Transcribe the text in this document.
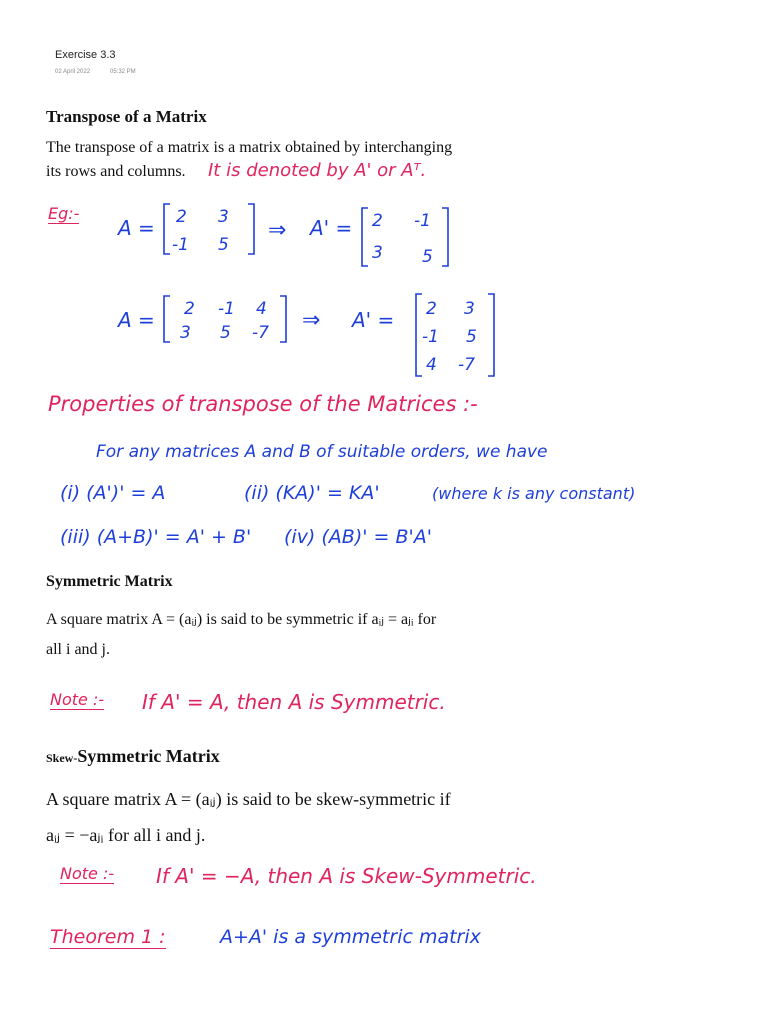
Exercise 3.3
02 April 2022	05:32 PM
Transpose of a Matrix
The transpose of a matrix is a matrix obtained by interchanging
its rows and columns. It is denoted by A' or Aᵀ.
Eg:-
A = 2 3
-1 5
⇒ A' = 2 -1
3 5
A = 2 -1 4
3 5 -7 ⇒ A' = 2 3
-1 5
4 -7
Properties of transpose of the Matrices :-
For any matrices A and B of suitable orders, we have
(i) (A')' = A	(ii) (KA)' = KA'	(where k is any constant)
(iii) (A+B)' = A' + B' (iv) (AB)' = B'A'
Symmetric Matrix
A square matrix A = (aᵢⱼ) is said to be symmetric if aᵢⱼ = aⱼᵢ for
all i and j.
Note :- If A' = A, then A is Symmetric.
Skew-Symmetric Matrix
A square matrix A = (aᵢⱼ) is said to be skew-symmetric if
aᵢⱼ = −aⱼᵢ for all i and j.
Note :- If A' = −A, then A is Skew-Symmetric.
Theorem 1 :	A+A' is a symmetric matrix
